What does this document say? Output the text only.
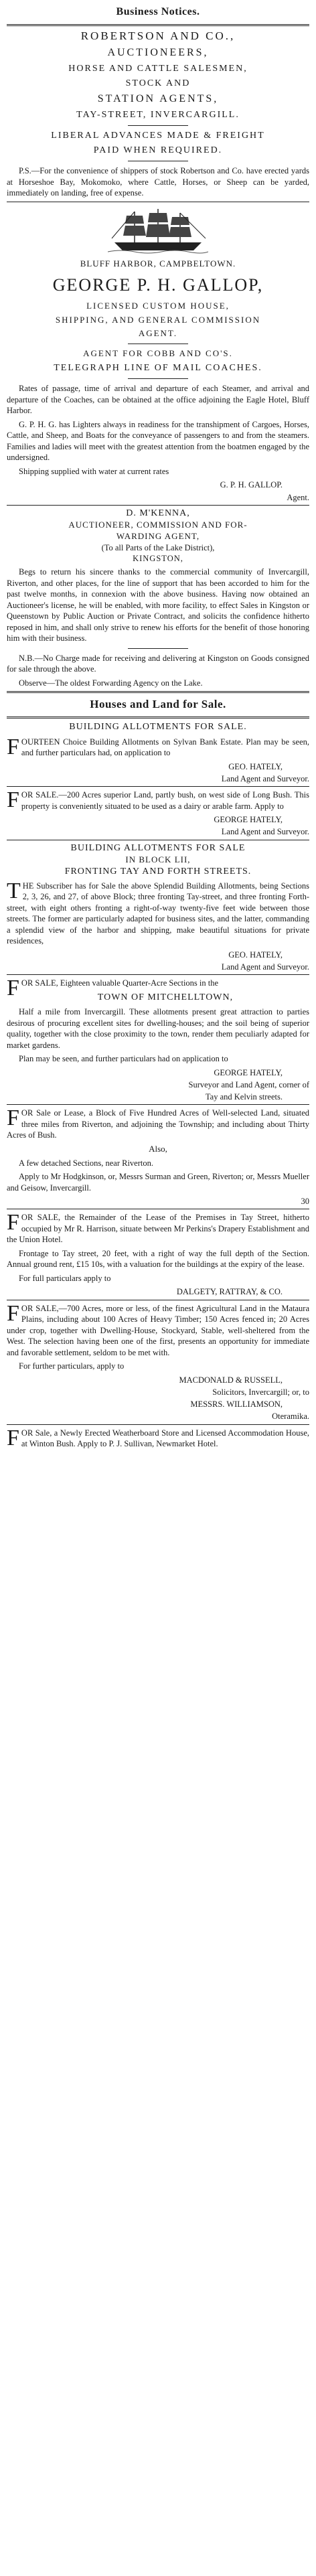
Business Notices.
ROBERTSON AND CO.,
AUCTIONEERS,
HORSE AND CATTLE SALESMEN,
STOCK AND
STATION AGENTS,
TAY-STREET, INVERCARGILL.
LIBERAL ADVANCES MADE & FREIGHT
PAID WHEN REQUIRED.

P.S.—For the convenience of shippers of stock Robertson and Co. have erected yards at Horseshoe Bay, Mokomoko, where Cattle, Horses, or Sheep can be yarded, immediately on landing, free of expense.

BLUFF HARBOR, CAMPBELTOWN.
GEORGE P. H. GALLOP,
LICENSED CUSTOM HOUSE,
SHIPPING, AND GENERAL COMMISSION
AGENT.
AGENT FOR COBB AND CO'S.
TELEGRAPH LINE OF MAIL COACHES.

Rates of passage, time of arrival and departure of each Steamer, and arrival and departure of the Coaches, can be obtained at the office adjoining the Eagle Hotel, Bluff Harbor.

G. P. H. G. has Lighters always in readiness for the transhipment of Cargoes, Horses, Cattle, and Sheep, and Boats for the conveyance of passengers to and from the steamers. Families and ladies will meet with the greatest attention from the boatmen engaged by the undersigned.

Shipping supplied with water at current rates

G. P. H. GALLOP.
Agent.
D. M'KENNA,
AUCTIONEER, COMMISSION AND FOR-
WARDING AGENT,
(To all Parts of the Lake District),
KINGSTON,

Begs to return his sincere thanks to the commercial community of Invercargill, Riverton, and other places, for the line of support that has been accorded to him for the past twelve months, in connexion with the above business. Having now obtained an Auctioneer's license, he will be enabled, with more facility, to effect Sales in Kingston or Queenstown by Public Auction or Private Contract, and solicits the confidence hitherto reposed in him, and shall only strive to renew his efforts for the benefit of those honoring him with their business.

N.B.—No Charge made for receiving and delivering at Kingston on Goods consigned for sale through the above.

Observe—The oldest Forwarding Agency on the Lake.

Houses and Land for Sale.
BUILDING ALLOTMENTS FOR SALE.

FOURTEEN Choice Building Allotments on Sylvan Bank Estate. Plan may be seen, and further particulars had, on application to

GEO. HATELY,
Land Agent and Surveyor.

FOR SALE.—200 Acres superior Land, partly bush, on west side of Long Bush. This property is conveniently situated to be used as a dairy or arable farm. Apply to

GEORGE HATELY,
Land Agent and Surveyor.
BUILDING ALLOTMENTS FOR SALE
IN BLOCK LII,
FRONTING TAY AND FORTH STREETS.

THE Subscriber has for Sale the above Splendid Building Allotments, being Sections 2, 3, 26, and 27, of above Block; three fronting Tay-street, and three fronting Forth-street, with eight others fronting a right-of-way twenty-five feet wide between those streets. The former are particularly adapted for business sites, and the latter, commanding a splendid view of the harbor and shipping, make beautiful situations for private residences,

GEO. HATELY,
Land Agent and Surveyor.

FOR SALE, Eighteen valuable Quarter-Acre Sections in the

TOWN OF MITCHELLTOWN,

Half a mile from Invercargill. These allotments present great attraction to parties desirous of procuring excellent sites for dwelling-houses; and the soil being of superior quality, together with the close proximity to the town, render them peculiarly adapted for market gardens.

Plan may be seen, and further particulars had on application to

GEORGE HATELY,
Surveyor and Land Agent, corner of
Tay and Kelvin streets.

FOR Sale or Lease, a Block of Five Hundred Acres of Well-selected Land, situated three miles from Riverton, and adjoining the Township; and including about Thirty Acres of Bush.

Also,

A few detached Sections, near Riverton.

Apply to Mr Hodgkinson, or, Messrs Surman and Green, Riverton; or, Messrs Mueller and Geisow, Invercargill.

30

FOR SALE, the Remainder of the Lease of the Premises in Tay Street, hitherto occupied by Mr R. Harrison, situate between Mr Perkins's Drapery Establishment and the Union Hotel.

Frontage to Tay street, 20 feet, with a right of way the full depth of the Section. Annual ground rent, £15 10s, with a valuation for the buildings at the expiry of the lease.

For full particulars apply to

DALGETY, RATTRAY, & CO.

FOR SALE,—700 Acres, more or less, of the finest Agricultural Land in the Mataura Plains, including about 100 Acres of Heavy Timber; 150 Acres fenced in; 20 Acres under crop, together with Dwelling-House, Stockyard, Stable, well-sheltered from the West. The selection having been one of the first, presents an opportunity for immediate and favorable settlement, seldom to be met with.

For further particulars, apply to

MACDONALD & RUSSELL,
Solicitors, Invercargill; or, to
MESSRS. WILLIAMSON,
Oteramika.

FOR Sale, a Newly Erected Weatherboard Store and Licensed Accommodation House, at Winton Bush. Apply to P. J. Sullivan, Newmarket Hotel.
